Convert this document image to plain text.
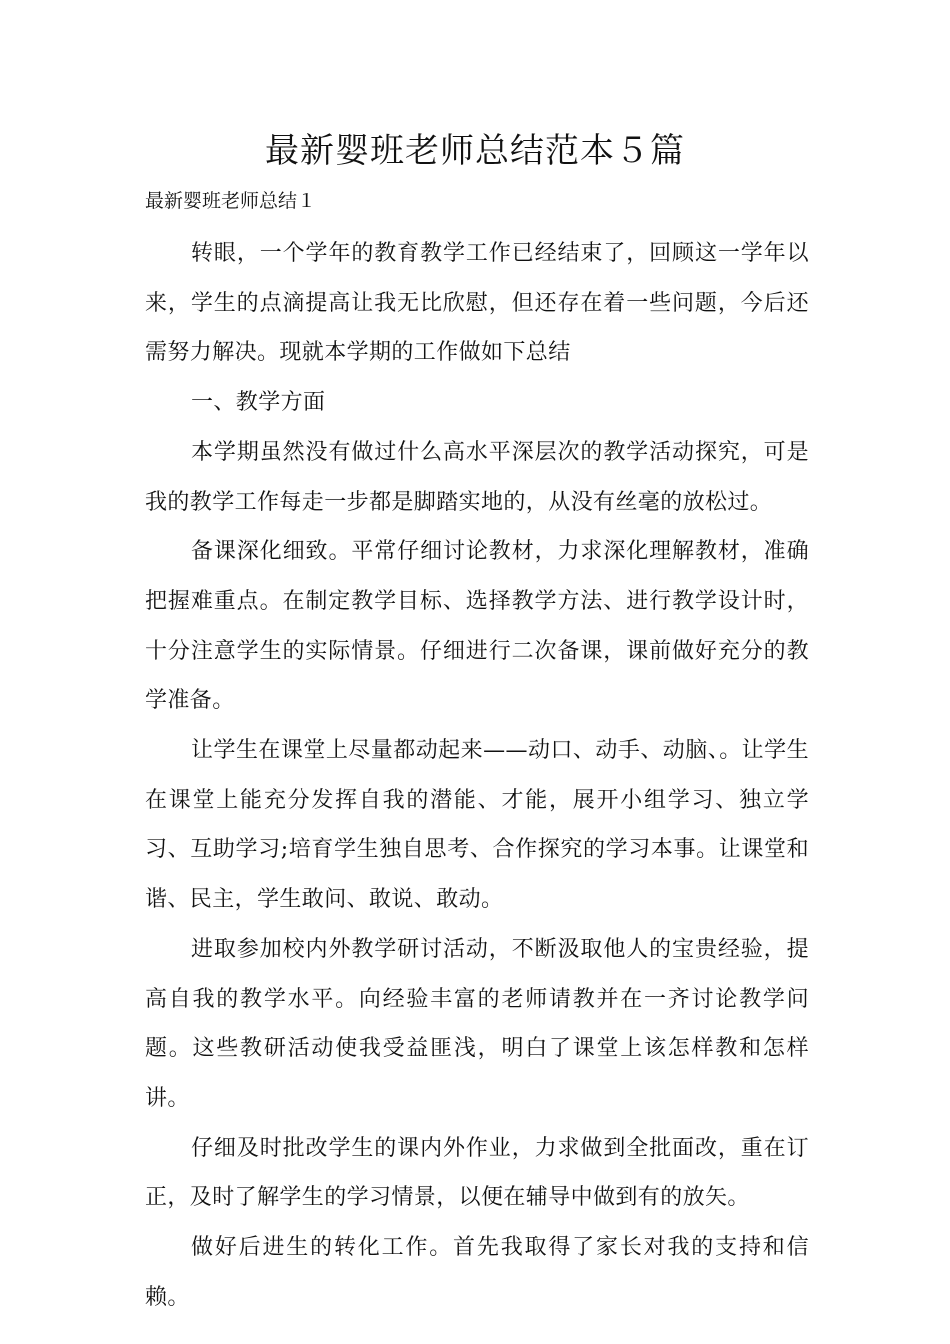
最新婴班老师总结范本５篇

最新婴班老师总结１

转眼，一个学年的教育教学工作已经结束了，回顾这一学年以来，学生的点滴提高让我无比欣慰，但还存在着一些问题，今后还需努力解决。现就本学期的工作做如下总结

一、教学方面

本学期虽然没有做过什么高水平深层次的教学活动探究，可是我的教学工作每走一步都是脚踏实地的，从没有丝毫的放松过。

备课深化细致。平常仔细讨论教材，力求深化理解教材，准确把握难重点。在制定教学目标、选择教学方法、进行教学设计时，十分注意学生的实际情景。仔细进行二次备课，课前做好充分的教学准备。

让学生在课堂上尽量都动起来——动口、动手、动脑、。让学生在课堂上能充分发挥自我的潜能、才能，展开小组学习、独立学习、互助学习;培育学生独自思考、合作探究的学习本事。让课堂和谐、民主，学生敢问、敢说、敢动。

进取参加校内外教学研讨活动，不断汲取他人的宝贵经验，提高自我的教学水平。向经验丰富的老师请教并在一齐讨论教学问题。这些教研活动使我受益匪浅，明白了课堂上该怎样教和怎样讲。

仔细及时批改学生的课内外作业，力求做到全批面改，重在订正，及时了解学生的学习情景，以便在辅导中做到有的放矢。

做好后进生的转化工作。首先我取得了家长对我的支持和信赖。
